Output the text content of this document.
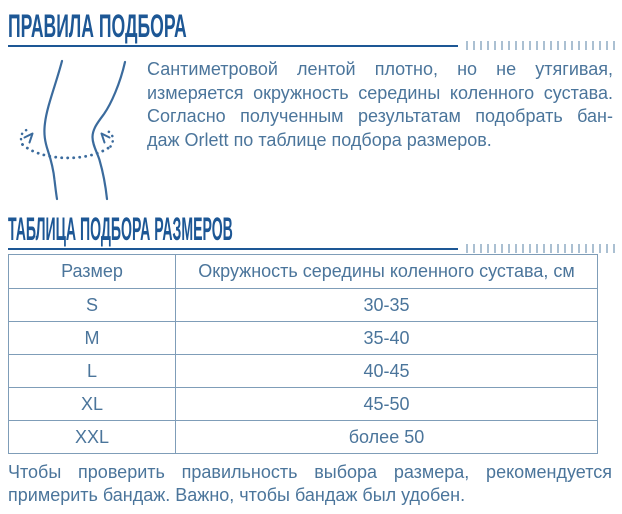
ПРАВИЛА ПОДБОРА
Сантиметровой лентой плотно, но не утягивая,
измеряется окружность середины коленного сустава.
Согласно полученным результатам подобрать бан-
даж Orlett по таблице подбора размеров.
ТАБЛИЦА ПОДБОРА РАЗМЕРОВ
Размер	Окружность середины коленного сустава, см
S	30-35
M	35-40
L	40-45
XL	45-50
XXL	более 50
Чтобы проверить правильность выбора размера, рекомендуется
примерить бандаж. Важно, чтобы бандаж был удобен.
